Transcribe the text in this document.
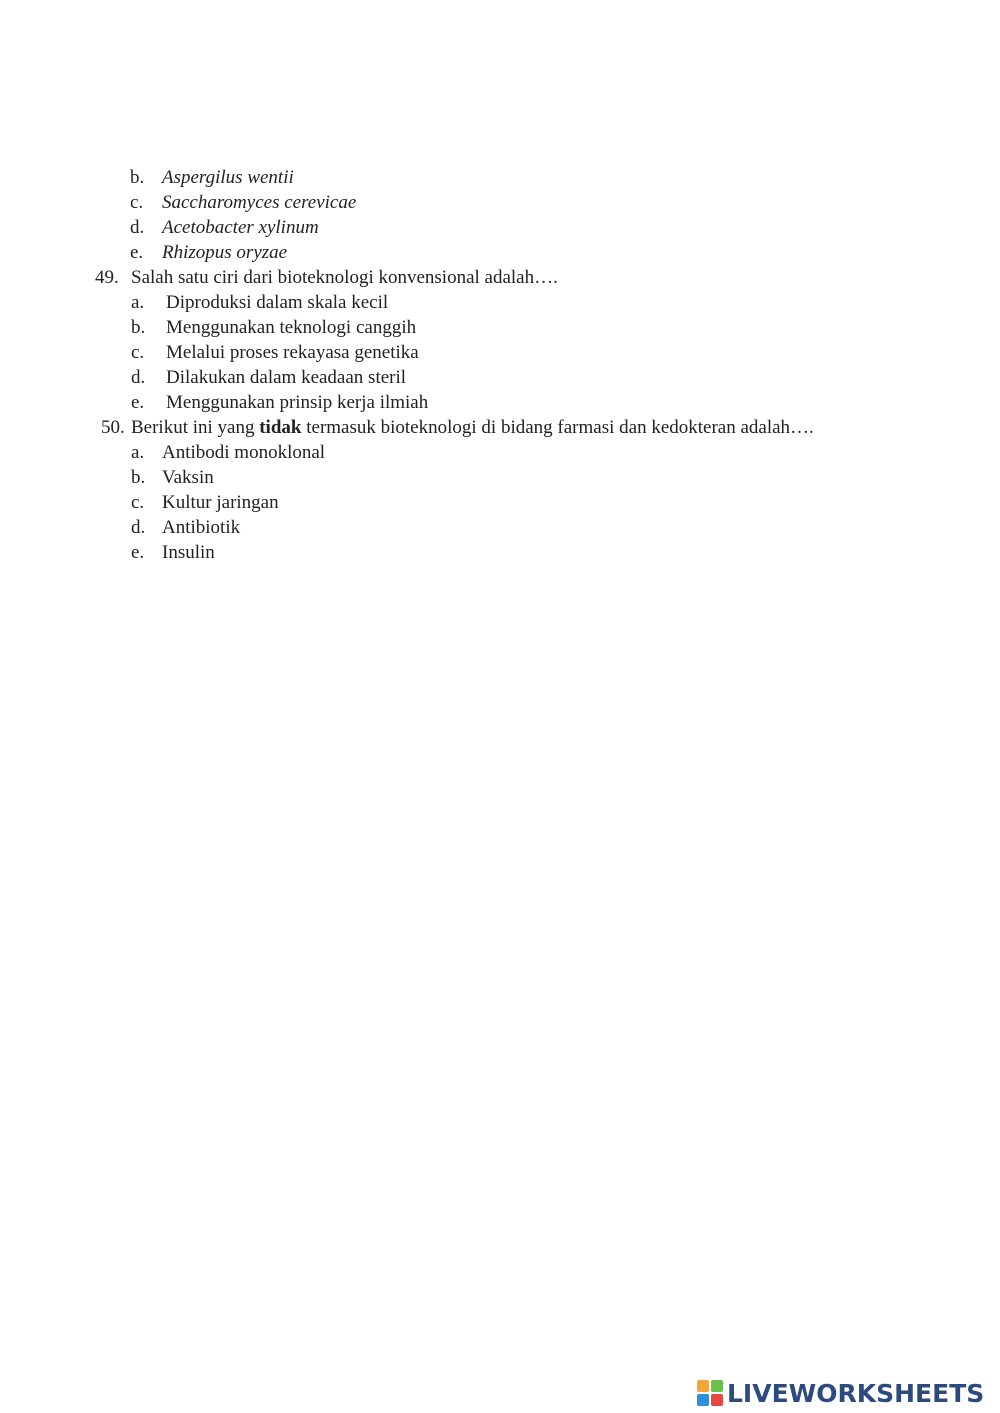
b. Aspergilus wentii
c. Saccharomyces cerevicae
d. Acetobacter xylinum
e. Rhizopus oryzae
49. Salah satu ciri dari bioteknologi konvensional adalah….
a. Diproduksi dalam skala kecil
b. Menggunakan teknologi canggih
c. Melalui proses rekayasa genetika
d. Dilakukan dalam keadaan steril
e. Menggunakan prinsip kerja ilmiah
50. Berikut ini yang tidak termasuk bioteknologi di bidang farmasi dan kedokteran adalah….
a. Antibodi monoklonal
b. Vaksin
c. Kultur jaringan
d. Antibiotik
e. Insulin
LIVEWORKSHEETS
